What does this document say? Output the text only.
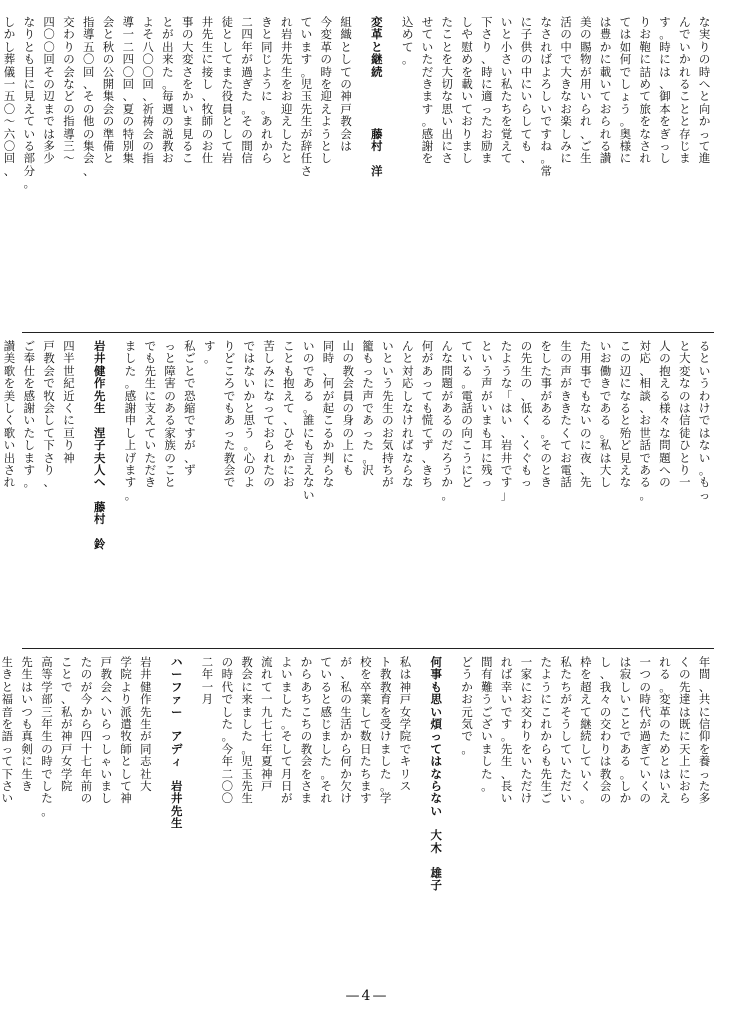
な
実
り
の
時
へ
と
向
か
っ
て
進
ん
で
い
か
れ
る
こ
と
と
存
じ
ま
す
。
時
に
は
、
御
本
を
ぎ
っ
し
り
お
鞄
に
詰
め
て
旅
を
な
さ
れ
て
は
如
何
で
し
ょ
う
。
奥
様
に
は
豊
か
に
載
い
て
お
ら
れ
る
讃
美
の
賜
物
が
用
い
ら
れ
、
ご
生
活
の
中
で
大
き
な
お
楽
し
み
に
な
さ
れ
ば
よ
ろ
し
い
で
す
ね
。
常
に
子
供
の
中
に
い
ら
し
て
も
、
い
と
小
さ
い
私
た
ち
を
覚
え
て
下
さ
り
、
時
に
適
っ
た
お
励
ま
し
や
慰
め
を
載
い
て
お
り
ま
し
た
こ
と
を
大
切
な
思
い
出
に
さ
せ
て
い
た
だ
き
ま
す
。
感
謝
を
込
め
て
。
変
革
と
継
続

藤
村

洋
組
織
と
し
て
の
神
戸
教
会
は
今
変
革
の
時
を
迎
え
よ
う
と
し
て
い
ま
す
。
児
玉
先
生
が
辞
任
さ
れ
岩
井
先
生
を
お
迎
え
し
た
と
き
と
同
じ
よ
う
に
。
あ
れ
か
ら
二
四
年
が
過
ぎ
た
。
そ
の
間
信
徒
と
し
て
ま
た
役
員
と
し
て
岩
井
先
生
に
接
し
、
牧
師
の
お
仕
事
の
大
変
さ
を
か
い
ま
見
る
こ
と
が
出
来
た
。
毎
週
の
説
教
お
よ
そ
八
〇
〇
回
、
祈
祷
会
の
指
導
一
二
四
〇
回
、
夏
の
特
別
集
会
と
秋
の
公
開
集
会
の
準
備
と
指
導
五
〇
回
、
そ
の
他
の
集
会
、
交
わ
り
の
会
な
ど
の
指
導
三
〜
四
〇
〇
回
そ
の
辺
ま
で
は
多
少
な
り
と
も
目
に
見
え
て
い
る
部
分
。
し
か
し
葬
儀
一
五
〇
〜
六
〇
回
、
る
と
い
う
わ
け
で
は
な
い
。
も
っ
と
大
変
な
の
は
信
徒
ひ
と
り
一
人
の
抱
え
る
様
々
な
問
題
へ
の
対
応
、
相
談
、
お
世
話
で
あ
る
。
こ
の
辺
に
な
る
と
殆
ど
見
え
な
い
お
働
き
で
あ
る
。
私
は
大
し
た
用
事
で
も
な
い
の
に
夜
、
先
生
の
声
が
き
き
た
く
て
お
電
話
を
し
た
事
が
あ
る
。
そ
の
と
き
の
先
生
の
、
低
く
、
く
ぐ
も
っ
た
よ
う
な
「
は
い
、
岩
井
で
す
」
と
い
う
声
が
い
ま
も
耳
に
残
っ
て
い
る
。
電
話
の
向
こ
う
に
ど
ん
な
問
題
が
あ
る
の
だ
ろ
う
か
。
何
が
あ
っ
て
も
慌
て
ず
、
き
ち
ん
と
対
応
し
な
け
れ
ば
な
ら
な
い
と
い
う
先
生
の
お
気
持
ち
が
籠
も
っ
た
声
で
あ
っ
た
。
沢
山
の
教
会
員
の
身
の
上
に
も
同
時
、
何
が
起
こ
る
か
判
ら
な
い
の
で
あ
る
。
誰
に
も
言
え
な
い
こ
と
も
抱
え
て
、
ひ
そ
か
に
お
苦
し
み
に
な
っ
て
お
ら
れ
た
の
で
は
な
い
か
と
思
う
。
心
の
よ
り
ど
こ
ろ
で
も
あ
っ
た
教
会
で
す
。
私
ご
と
で
恐
縮
で
す
が
、
ず
っ
と
障
害
の
あ
る
家
族
の
こ
と
で
も
先
生
に
支
え
て
い
た
だ
き
ま
し
た
。
感
謝
申
し
上
げ
ま
す
。
岩
井
健
作
先
生

涅
子
夫
人
へ

藤
村

鈴
四
半
世
紀
近
く
に
亘
り
神
戸
教
会
で
牧
会
し
て
下
さ
り
、
ご
奉
仕
を
感
謝
い
た
し
ま
す
。
讃
美
歌
を
美
し
く
歌
い
出
さ
れ
年
間
、
共
に
信
仰
を
養
っ
た
多
く
の
先
達
は
既
に
天
上
に
お
ら
れ
る
。
変
革
の
た
め
と
は
い
え
一
つ
の
時
代
が
過
ぎ
て
い
く
の
は
寂
し
い
こ
と
で
あ
る
。
し
か
し
、
我
々
の
交
わ
り
は
教
会
の
枠
を
超
え
て
継
続
し
て
い
く
。
私
た
ち
が
そ
う
し
て
い
た
だ
い
た
よ
う
に
こ
れ
か
ら
も
先
生
ご
一
家
に
お
交
わ
り
を
い
た
だ
け
れ
ば
幸
い
で
す
。
先
生
、
長
い
間
有
難
う
ご
ざ
い
ま
し
た
。
ど
う
か
お
元
気
で
。
何
事
も
思
い
煩
っ
て
は
な
ら
な
い

大
木

雄
子
私
は
神
戸
女
学
院
で
キ
リ
ス
ト
教
教
育
を
受
け
ま
し
た
。
学
校
を
卒
業
し
て
数
日
た
ち
ま
す
が
、
私
の
生
活
か
ら
何
か
欠
け
て
い
る
と
感
じ
ま
し
た
。
そ
れ
か
ら
あ
ち
こ
ち
の
教
会
を
さ
ま
よ
い
ま
し
た
。
そ
し
て
月
日
が
流
れ
て
一
九
七
七
年
夏
神
戸
教
会
に
来
ま
し
た
。
児
玉
先
生
の
時
代
で
し
た
。
今
年
二
〇
〇
二
年
一
月
ハ
ー
フ
ァ
ー

ア
デ
ィ

岩
井
先
生
岩
井
健
作
先
生
が
同
志
社
大
学
院
よ
り
派
遣
牧
師
と
し
て
神
戸
教
会
へ
い
ら
っ
し
ゃ
い
ま
し
た
の
が
今
か
ら
四
十
七
年
前
の
こ
と
で
、
私
が
神
戸
女
学
院
高
等
学
部
三
年
生
の
時
で
し
た
。
先
生
は
い
つ
も
真
剣
に
生
き
生
き
と
福
音
を
語
っ
て
下
さ
い
—4—
